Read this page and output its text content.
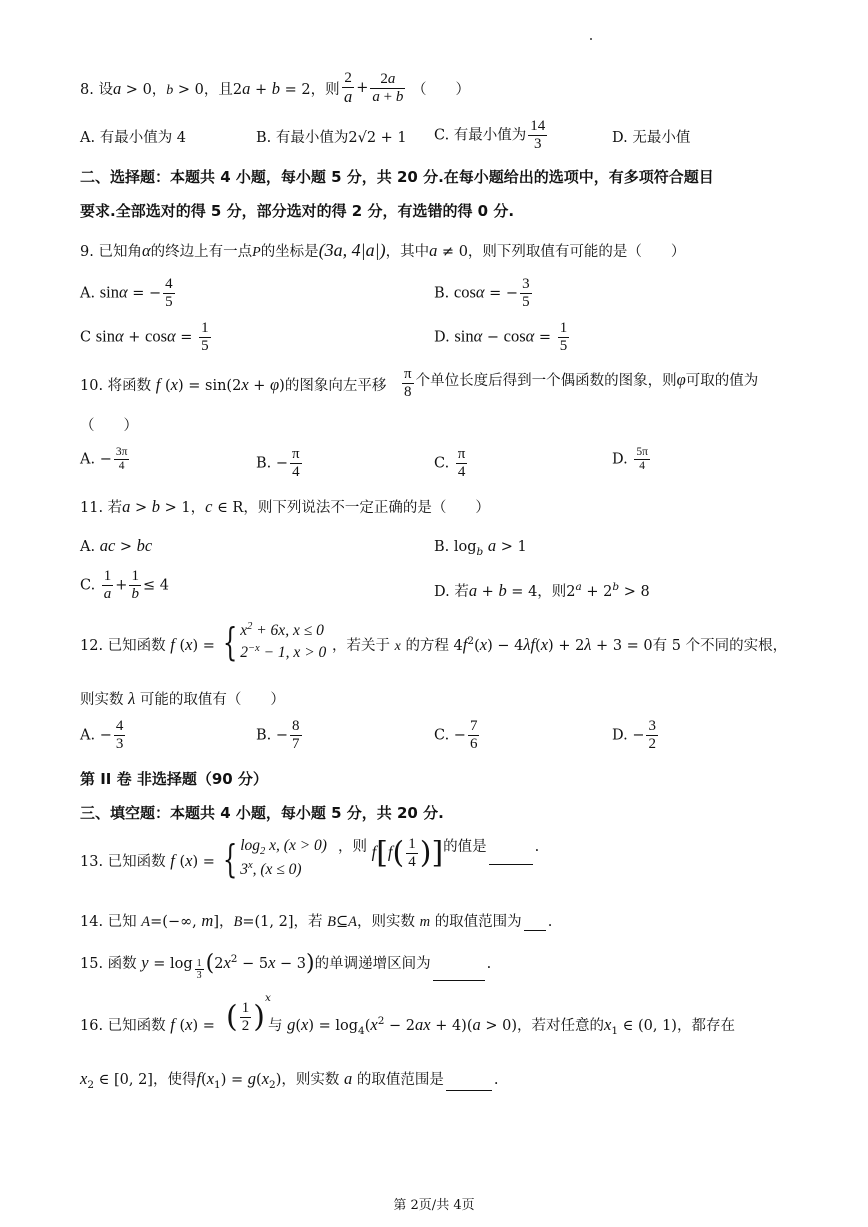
8. 设a > 0，b > 0，且2a + b = 2，则 $\frac{2}{a} + \frac{2a}{a + b}$ （　　）
A. 有最小值为 4	B. 有最小值为2√2 + 1 C. 有最小值为 $\frac{14}{3}$	D. 无最小值
二、选择题：本题共 4 小题，每小题 5 分，共 20 分.在每小题给出的选项中，有多项符合题目
要求.全部选对的得 5 分，部分选对的得 2 分，有选错的得 0 分.
9. 已知角α的终边上有一点P的坐标是(3a, 4|a|)，其中a ≠ 0，则下列取值有可能的是（　　）
A. sinα = − $\frac{4}{5}$	B. cosα = − $\frac{3}{5}$
C $\sin\alpha + \cos\alpha = \frac{1}{5}$	D. $\sin\alpha - \cos\alpha = \frac{1}{5}$
10. 将函数 f (x) = sin(2x + φ)的图象向左平移 $\frac{\pi}{8}$ 个单位长度后得到一个偶函数的图象，则φ可取的值为
（　　）
A. − $\frac{3\pi}{4}$	B. − $\frac{\pi}{4}$	C. $\frac{\pi}{4}$	D. $\frac{5\pi}{4}$
11. 若a > b > 1，c ∈ R，则下列说法不一定正确的是（　　）
A. ac > bc	B. $\log_b a > 1$
C. $\frac{1}{a} + \frac{1}{b} \le 4$	D. 若a + b = 4，则$2^a + 2^b > 8$
12. 已知函数 f (x) = { $x^2 + 6x$, x ≤ 0
$2^{-x} - 1$, x > 0 ，若关于 x 的方程 $4f^2(x) - 4\lambda f(x) + 2\lambda + 3 = 0$有 5 个不同的实根，
则实数 λ 可能的取值有（　　）
A. − $\frac{4}{3}$	B. − $\frac{8}{7}$	C. − $\frac{7}{6}$	D. − $\frac{3}{2}$
第 II 卷 非选择题（90 分）
三、填空题：本题共 4 小题，每小题 5 分，共 20 分.
13. 已知函数 f (x) = { $\log_2 x$, (x > 0)
3$^x$, (x ≤ 0)
，则 $f[f( \frac{1}{4}$ )]的值是	.
14. 已知 A=(−∞, m]，B=(1, 2]，若 B⊆A，则实数 m 的取值范围为 .
15. 函数 $y = \log \frac{1}{3} (2x^2 - 5x - 3)$的单调递增区间为	.
16. 已知函数 f (x) = ( $\frac{1}{2} )^x$
与 $g(x) = \log_4(x^2 - 2ax + 4)(a > 0)$，若对任意的$x_1$ ∈ (0, 1)，都存在
$x_2$ ∈ [0, 2]，使得$f(x_1) = g(x_2)$，则实数 a 的取值范围是	.
第 2页/共 4页
